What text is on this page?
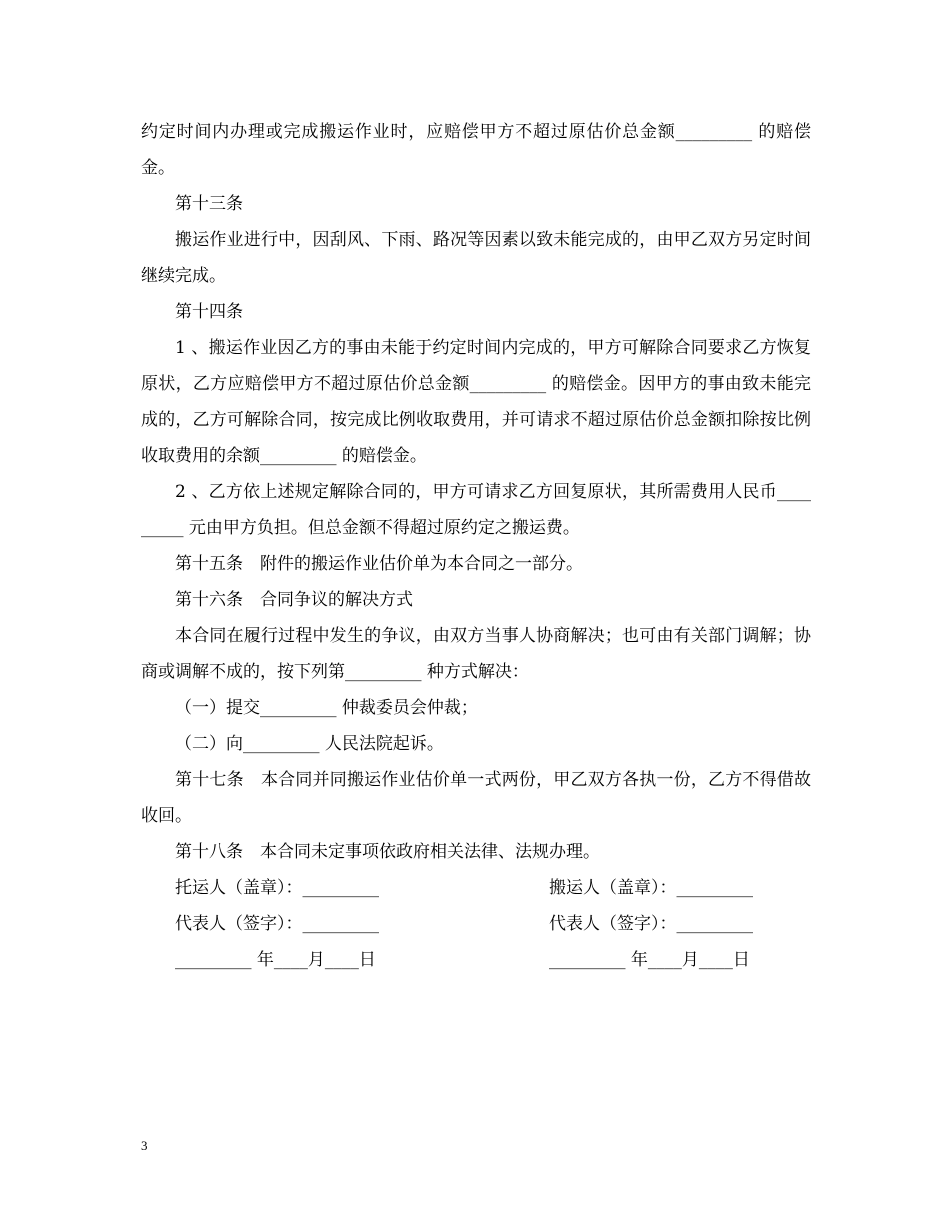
约定时间内办理或完成搬运作业时，应赔偿甲方不超过原估价总金额_________ 的赔偿金。

第十三条

搬运作业进行中，因刮风、下雨、路况等因素以致未能完成的，由甲乙双方另定时间继续完成。

第十四条

1 、搬运作业因乙方的事由未能于约定时间内完成的，甲方可解除合同要求乙方恢复原状，乙方应赔偿甲方不超过原估价总金额_________ 的赔偿金。因甲方的事由致未能完成的，乙方可解除合同，按完成比例收取费用，并可请求不超过原估价总金额扣除按比例收取费用的余额_________ 的赔偿金。

2 、乙方依上述规定解除合同的，甲方可请求乙方回复原状，其所需费用人民币_________ 元由甲方负担。但总金额不得超过原约定之搬运费。

第十五条　附件的搬运作业估价单为本合同之一部分。

第十六条　合同争议的解决方式

本合同在履行过程中发生的争议，由双方当事人协商解决；也可由有关部门调解；协商或调解不成的，按下列第_________ 种方式解决：

（一）提交_________ 仲裁委员会仲裁；

（二）向_________ 人民法院起诉。

第十七条　本合同并同搬运作业估价单一式两份，甲乙双方各执一份，乙方不得借故收回。

第十八条　本合同未定事项依政府相关法律、法规办理。

托运人（盖章）：_________	搬运人（盖章）：_________
代表人（签字）：_________	代表人（签字）：_________
_________ 年____月____日	_________ 年____月____日
3
